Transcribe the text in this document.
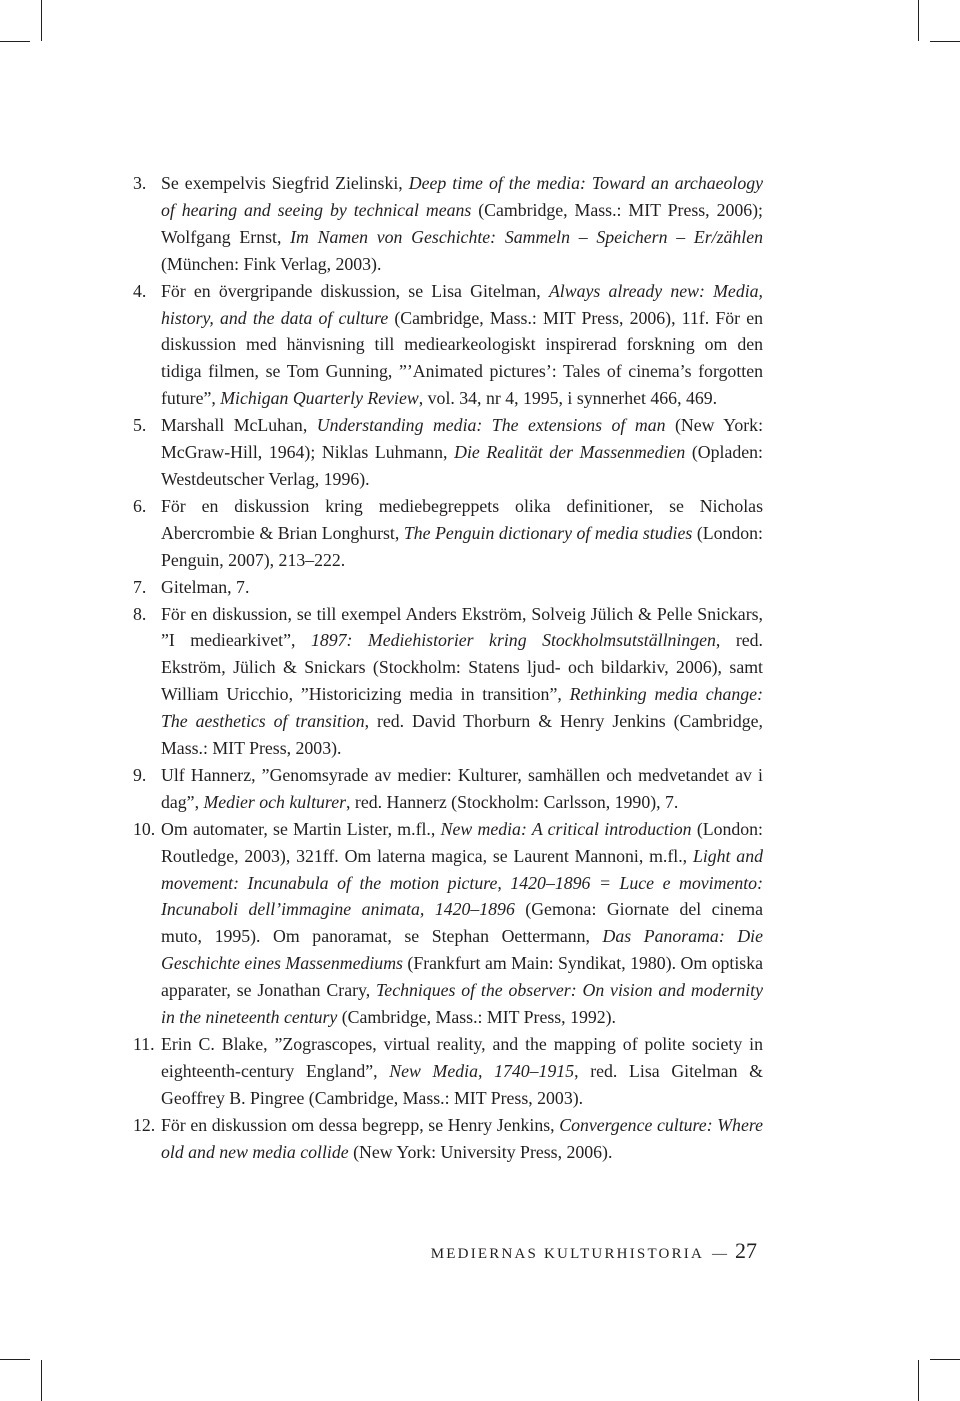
3. Se exempelvis Siegfrid Zielinski, Deep time of the media: Toward an archaeology of hearing and seeing by technical means (Cambridge, Mass.: MIT Press, 2006); Wolfgang Ernst, Im Namen von Geschichte: Sammeln – Speichern – Er/zählen (München: Fink Verlag, 2003).
4. För en övergripande diskussion, se Lisa Gitelman, Always already new: Media, history, and the data of culture (Cambridge, Mass.: MIT Press, 2006), 11f. För en diskussion med hänvisning till mediearkeologiskt inspirerad forskning om den tidiga filmen, se Tom Gunning, ”’Animated pictures’: Tales of cinema’s forgotten future”, Michigan Quarterly Review, vol. 34, nr 4, 1995, i synnerhet 466, 469.
5. Marshall McLuhan, Understanding media: The extensions of man (New York: McGraw-Hill, 1964); Niklas Luhmann, Die Realität der Massenmedien (Opladen: Westdeutscher Verlag, 1996).
6. För en diskussion kring mediebegreppets olika definitioner, se Nicholas Abercrombie & Brian Longhurst, The Penguin dictionary of media studies (London: Penguin, 2007), 213–222.
7. Gitelman, 7.
8. För en diskussion, se till exempel Anders Ekström, Solveig Jülich & Pelle Snickars, ”I mediearkivet”, 1897: Mediehistorier kring Stockholmsutställningen, red. Ekström, Jülich & Snickars (Stockholm: Statens ljud- och bildarkiv, 2006), samt William Uricchio, ”Historicizing media in transition”, Rethinking media change: The aesthetics of transition, red. David Thorburn & Henry Jenkins (Cambridge, Mass.: MIT Press, 2003).
9. Ulf Hannerz, ”Genomsyrade av medier: Kulturer, samhällen och medvetandet av i dag”, Medier och kulturer, red. Hannerz (Stockholm: Carlsson, 1990), 7.
10. Om automater, se Martin Lister, m.fl., New media: A critical introduction (London: Routledge, 2003), 321ff. Om laterna magica, se Laurent Mannoni, m.fl., Light and movement: Incunabula of the motion picture, 1420–1896 = Luce e movimento: Incunaboli dell’immagine animata, 1420–1896 (Gemona: Giornate del cinema muto, 1995). Om panoramat, se Stephan Oettermann, Das Panorama: Die Geschichte eines Massenmediums (Frankfurt am Main: Syndikat, 1980). Om optiska apparater, se Jonathan Crary, Techniques of the observer: On vision and modernity in the nineteenth century (Cambridge, Mass.: MIT Press, 1992).
11. Erin C. Blake, ”Zograscopes, virtual reality, and the mapping of polite society in eighteenth-century England”, New Media, 1740–1915, red. Lisa Gitelman & Geoffrey B. Pingree (Cambridge, Mass.: MIT Press, 2003).
12. För en diskussion om dessa begrepp, se Henry Jenkins, Convergence culture: Where old and new media collide (New York: University Press, 2006).
MEDIERNAS KULTURHISTORIA — 27
